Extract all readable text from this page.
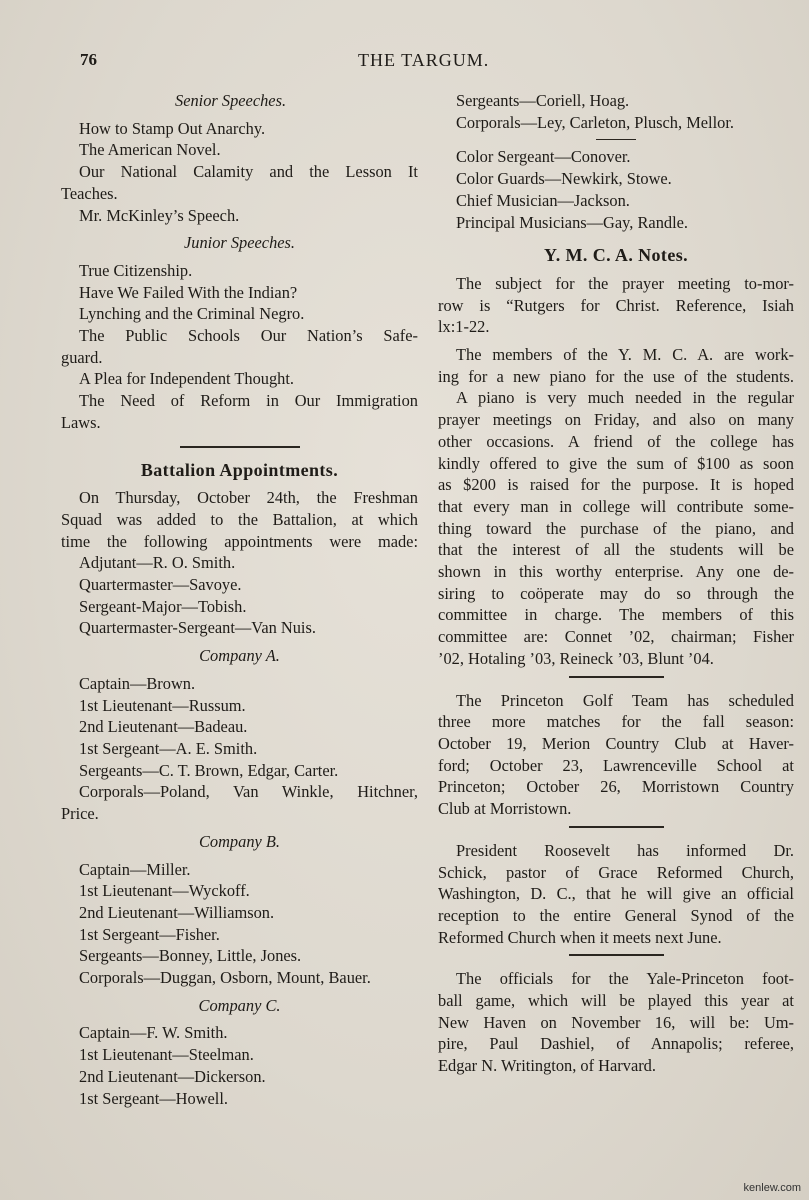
76	THE TARGUM.
Senior Speeches.
How to Stamp Out Anarchy.
The American Novel.
Our National Calamity and the Lesson It
Teaches.
Mr. McKinley’s Speech.
Junior Speeches.
True Citizenship.
Have We Failed With the Indian?
Lynching and the Criminal Negro.
The Public Schools Our Nation’s Safe-
guard.
A Plea for Independent Thought.
The Need of Reform in Our Immigration
Laws.
Battalion Appointments.
On Thursday, October 24th, the Freshman
Squad was added to the Battalion, at which
time the following appointments were made:
Adjutant—R. O. Smith.
Quartermaster—Savoye.
Sergeant-Major—Tobish.
Quartermaster-Sergeant—Van Nuis.
Company A.
Captain—Brown.
1st Lieutenant—Russum.
2nd Lieutenant—Badeau.
1st Sergeant—A. E. Smith.
Sergeants—C. T. Brown, Edgar, Carter.
Corporals—Poland, Van Winkle, Hitchner,
Price.
Company B.
Captain—Miller.
1st Lieutenant—Wyckoff.
2nd Lieutenant—Williamson.
1st Sergeant—Fisher.
Sergeants—Bonney, Little, Jones.
Corporals—Duggan, Osborn, Mount, Bauer.
Company C.
Captain—F. W. Smith.
1st Lieutenant—Steelman.
2nd Lieutenant—Dickerson.
1st Sergeant—Howell.
Sergeants—Coriell, Hoag.
Corporals—Ley, Carleton, Plusch, Mellor.
Color Sergeant—Conover.
Color Guards—Newkirk, Stowe.
Chief Musician—Jackson.
Principal Musicians—Gay, Randle.
Y. M. C. A. Notes.
The subject for the prayer meeting to-mor-
row is “Rutgers for Christ. Reference, Isiah
lx:1-22.
The members of the Y. M. C. A. are work-
ing for a new piano for the use of the students.
A piano is very much needed in the regular
prayer meetings on Friday, and also on many
other occasions. A friend of the college has
kindly offered to give the sum of $100 as soon
as $200 is raised for the purpose. It is hoped
that every man in college will contribute some-
thing toward the purchase of the piano, and
that the interest of all the students will be
shown in this worthy enterprise. Any one de-
siring to coöperate may do so through the
committee in charge. The members of this
committee are: Connet ’02, chairman; Fisher
’02, Hotaling ’03, Reineck ’03, Blunt ’04.
The Princeton Golf Team has scheduled
three more matches for the fall season:
October 19, Merion Country Club at Haver-
ford; October 23, Lawrenceville School at
Princeton; October 26, Morristown Country
Club at Morristown.
President Roosevelt has informed Dr.
Schick, pastor of Grace Reformed Church,
Washington, D. C., that he will give an official
reception to the entire General Synod of the
Reformed Church when it meets next June.
The officials for the Yale-Princeton foot-
ball game, which will be played this year at
New Haven on November 16, will be: Um-
pire, Paul Dashiel, of Annapolis; referee,
Edgar N. Writington, of Harvard.
kenlew.com
